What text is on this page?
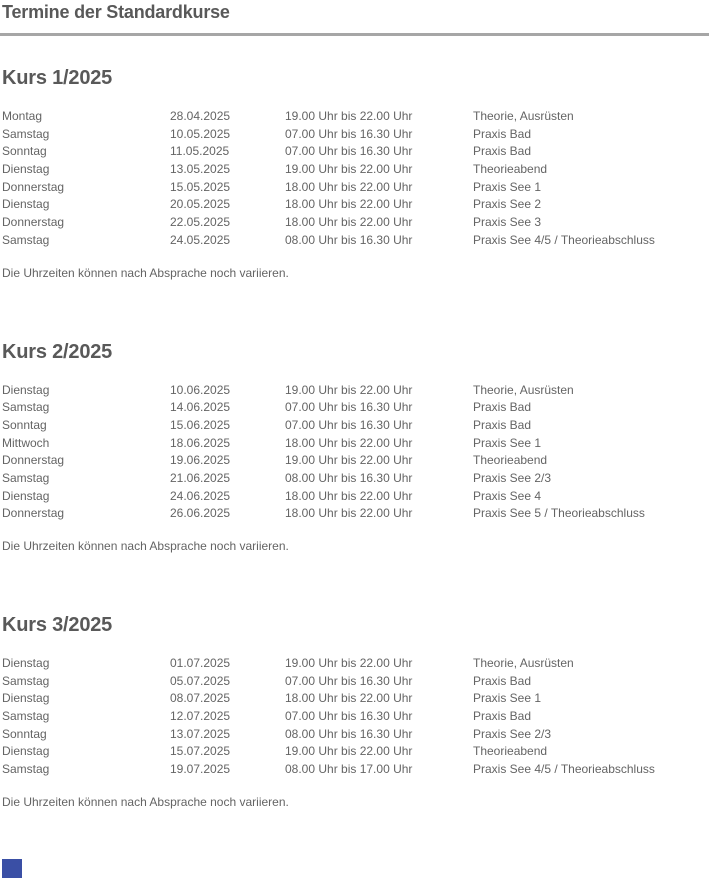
Termine der Standardkurse
Kurs 1/2025
Montag	28.04.2025	19.00 Uhr bis 22.00 Uhr	Theorie, Ausrüsten
Samstag	10.05.2025	07.00 Uhr bis 16.30 Uhr	Praxis Bad
Sonntag	11.05.2025	07.00 Uhr bis 16.30 Uhr	Praxis Bad
Dienstag	13.05.2025	19.00 Uhr bis 22.00 Uhr	Theorieabend
Donnerstag	15.05.2025	18.00 Uhr bis 22.00 Uhr	Praxis See 1
Dienstag	20.05.2025	18.00 Uhr bis 22.00 Uhr	Praxis See 2
Donnerstag	22.05.2025	18.00 Uhr bis 22.00 Uhr	Praxis See 3
Samstag	24.05.2025	08.00 Uhr bis 16.30 Uhr	Praxis See 4/5 / Theorieabschluss

Die Uhrzeiten können nach Absprache noch variieren.

Kurs 2/2025
Dienstag	10.06.2025	19.00 Uhr bis 22.00 Uhr	Theorie, Ausrüsten
Samstag	14.06.2025	07.00 Uhr bis 16.30 Uhr	Praxis Bad
Sonntag	15.06.2025	07.00 Uhr bis 16.30 Uhr	Praxis Bad
Mittwoch	18.06.2025	18.00 Uhr bis 22.00 Uhr	Praxis See 1
Donnerstag	19.06.2025	19.00 Uhr bis 22.00 Uhr	Theorieabend
Samstag	21.06.2025	08.00 Uhr bis 16.30 Uhr	Praxis See 2/3
Dienstag	24.06.2025	18.00 Uhr bis 22.00 Uhr	Praxis See 4
Donnerstag	26.06.2025	18.00 Uhr bis 22.00 Uhr	Praxis See 5 / Theorieabschluss

Die Uhrzeiten können nach Absprache noch variieren.

Kurs 3/2025
Dienstag	01.07.2025	19.00 Uhr bis 22.00 Uhr	Theorie, Ausrüsten
Samstag	05.07.2025	07.00 Uhr bis 16.30 Uhr	Praxis Bad
Dienstag	08.07.2025	18.00 Uhr bis 22.00 Uhr	Praxis See 1
Samstag	12.07.2025	07.00 Uhr bis 16.30 Uhr	Praxis Bad
Sonntag	13.07.2025	08.00 Uhr bis 16.30 Uhr	Praxis See 2/3
Dienstag	15.07.2025	19.00 Uhr bis 22.00 Uhr	Theorieabend
Samstag	19.07.2025	08.00 Uhr bis 17.00 Uhr	Praxis See 4/5 / Theorieabschluss

Die Uhrzeiten können nach Absprache noch variieren.
